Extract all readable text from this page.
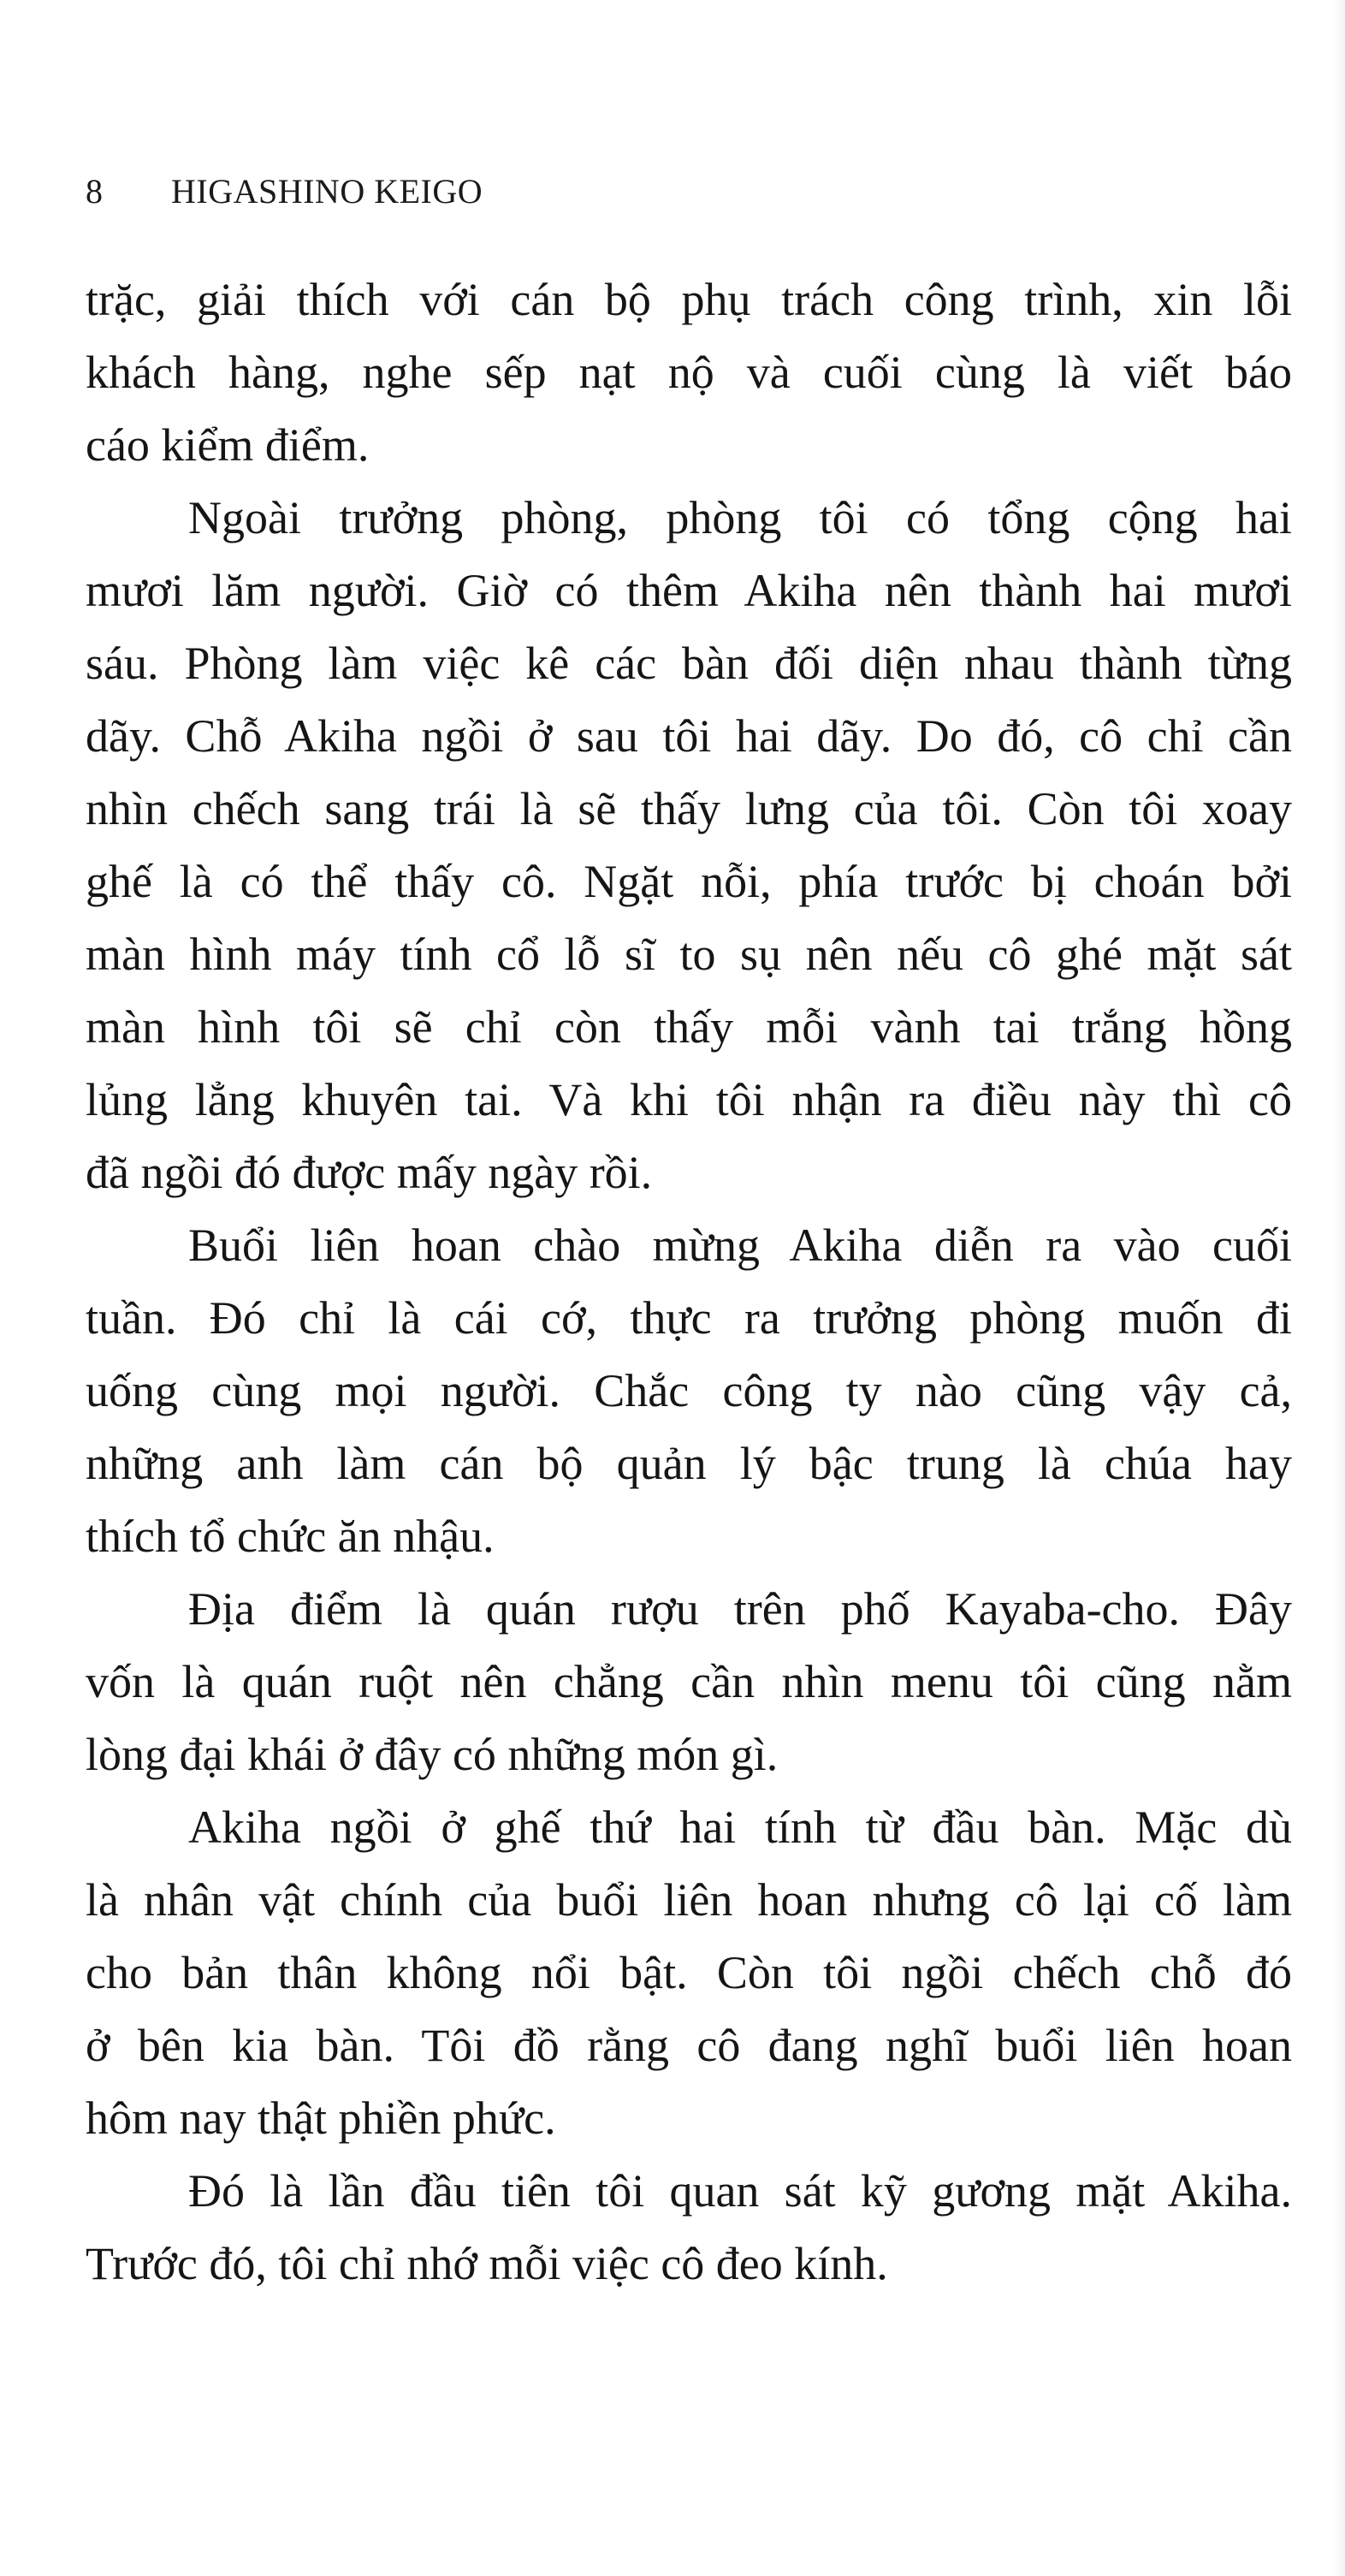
8	HIGASHINO KEIGO
trặc, giải thích với cán bộ phụ trách công trình, xin lỗi
khách hàng, nghe sếp nạt nộ và cuối cùng là viết báo
cáo kiểm điểm.
Ngoài trưởng phòng, phòng tôi có tổng cộng hai
mươi lăm người. Giờ có thêm Akiha nên thành hai mươi
sáu. Phòng làm việc kê các bàn đối diện nhau thành từng
dãy. Chỗ Akiha ngồi ở sau tôi hai dãy. Do đó, cô chỉ cần
nhìn chếch sang trái là sẽ thấy lưng của tôi. Còn tôi xoay
ghế là có thể thấy cô. Ngặt nỗi, phía trước bị choán bởi
màn hình máy tính cổ lỗ sĩ to sụ nên nếu cô ghé mặt sát
màn hình tôi sẽ chỉ còn thấy mỗi vành tai trắng hồng
lủng lẳng khuyên tai. Và khi tôi nhận ra điều này thì cô
đã ngồi đó được mấy ngày rồi.
Buổi liên hoan chào mừng Akiha diễn ra vào cuối
tuần. Đó chỉ là cái cớ, thực ra trưởng phòng muốn đi
uống cùng mọi người. Chắc công ty nào cũng vậy cả,
những anh làm cán bộ quản lý bậc trung là chúa hay
thích tổ chức ăn nhậu.
Địa điểm là quán rượu trên phố Kayaba-cho. Đây
vốn là quán ruột nên chẳng cần nhìn menu tôi cũng nằm
lòng đại khái ở đây có những món gì.
Akiha ngồi ở ghế thứ hai tính từ đầu bàn. Mặc dù
là nhân vật chính của buổi liên hoan nhưng cô lại cố làm
cho bản thân không nổi bật. Còn tôi ngồi chếch chỗ đó
ở bên kia bàn. Tôi đồ rằng cô đang nghĩ buổi liên hoan
hôm nay thật phiền phức.
Đó là lần đầu tiên tôi quan sát kỹ gương mặt Akiha.
Trước đó, tôi chỉ nhớ mỗi việc cô đeo kính.
